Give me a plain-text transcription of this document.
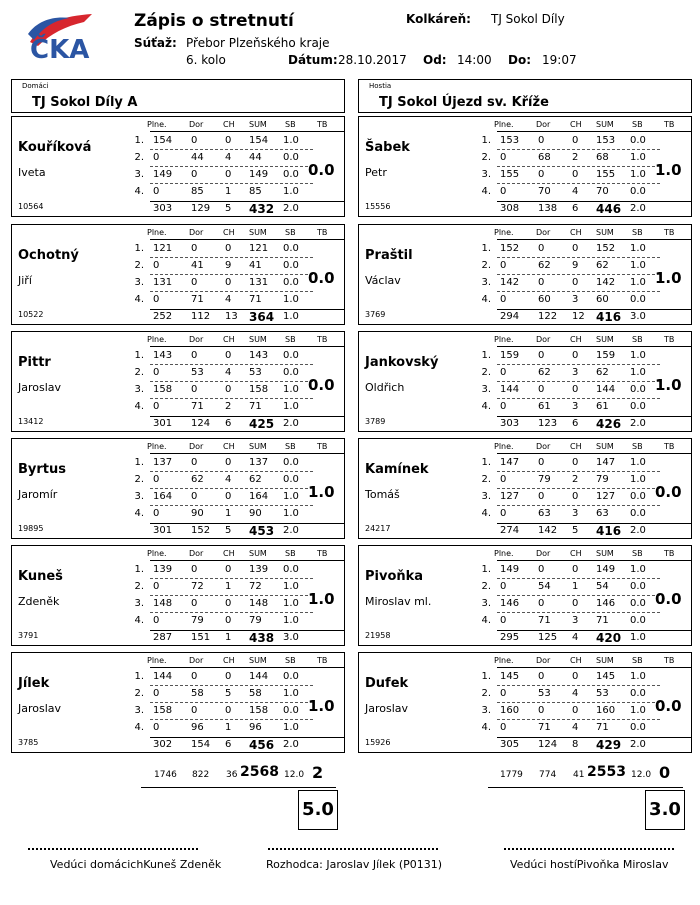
ČKA
Zápis o stretnutí	Kolkáreň: TJ Sokol Díly
Súťaž: Přebor Plzeňského kraje
6. kolo	Dátum: 28.10.2017 Od: 14:00 Do: 19:07
Domáci
TJ Sokol Díly A
Hostia
TJ Sokol Újezd sv. Kříže
Kouříková
Iveta
10564
Plne.	Dor CH SUM SB	TB
1. 154 0	0 154 1.0
2. 0	44 4 44 0.0
3. 149 0	0 149 0.0
4. 0	85 1 85 1.0
303 129 5 432 2.0
0.0
Ochotný
Jiří
10522
Plne.	Dor CH SUM SB	TB
1. 121 0	0 121 0.0
2. 0	41 9 41 0.0
3. 131 0	0 131 0.0
4. 0	71 4 71 1.0
252 112 13 364 1.0
0.0
Pittr
Jaroslav
13412
Plne.	Dor CH SUM SB	TB
1. 143 0	0 143 0.0
2. 0	53 4 53 0.0
3. 158 0	0 158 1.0
4. 0	71 2 71 1.0
301 124 6 425 2.0
0.0
Byrtus
Jaromír
19895
Plne.	Dor CH SUM SB	TB
1. 137 0	0 137 0.0
2. 0	62 4 62 0.0
3. 164 0	0 164 1.0
4. 0	90 1 90 1.0
301 152 5 453 2.0
1.0
Kuneš
Zdeněk
3791
Plne.	Dor CH SUM SB	TB
1. 139 0	0 139 0.0
2. 0	72 1 72 1.0
3. 148 0	0 148 1.0
4. 0	79 0 79 1.0
287 151 1 438 3.0
1.0
Jílek
Jaroslav
3785
Plne.	Dor CH SUM SB	TB
1. 144 0	0 144 0.0
2. 0	58 5 58 1.0
3. 158 0	0 158 0.0
4. 0	96 1 96 1.0
302 154 6 456 2.0
1.0
Šabek
Petr
15556
Plne.	Dor CH SUM SB	TB
1. 153 0	0 153 0.0
2. 0	68 2 68 1.0
3. 155 0	0 155 1.0
4. 0	70 4 70 0.0
308 138 6 446 2.0
1.0
Praštil
Václav
3769
Plne.	Dor CH SUM SB	TB
1. 152 0	0 152 1.0
2. 0	62 9 62 1.0
3. 142 0	0 142 1.0
4. 0	60 3 60 0.0
294 122 12 416 3.0
1.0
Jankovský
Oldřich
3789
Plne.	Dor CH SUM SB	TB
1. 159 0	0 159 1.0
2. 0	62 3 62 1.0
3. 144 0	0 144 0.0
4. 0	61 3 61 0.0
303 123 6 426 2.0
1.0
Kamínek
Tomáš
24217
Plne.	Dor CH SUM SB	TB
1. 147 0	0 147 1.0
2. 0	79 2 79 1.0
3. 127 0	0 127 0.0
4. 0	63 3 63 0.0
274 142 5 416 2.0
0.0
Pivoňka
Miroslav ml.
21958
Plne.	Dor CH SUM SB	TB
1. 149 0	0 149 1.0
2. 0	54 1 54 0.0
3. 146 0	0 146 0.0
4. 0	71 3 71 0.0
295 125 4 420 1.0
0.0
Dufek
Jaroslav
15926
Plne.	Dor CH SUM SB	TB
1. 145 0	0 145 1.0
2. 0	53 4 53 0.0
3. 160 0	0 160 1.0
4. 0	71 4 71 0.0
305 124 8 429 2.0
0.0
1746 822 36 2568 12.0 2
5.0
1779 774 41 2553 12.0 0
3.0
Vedúci domácichKuneš Zdeněk	Rozhodca: Jaroslav Jílek (P0131)	Vedúci hostíPivoňka Miroslav
